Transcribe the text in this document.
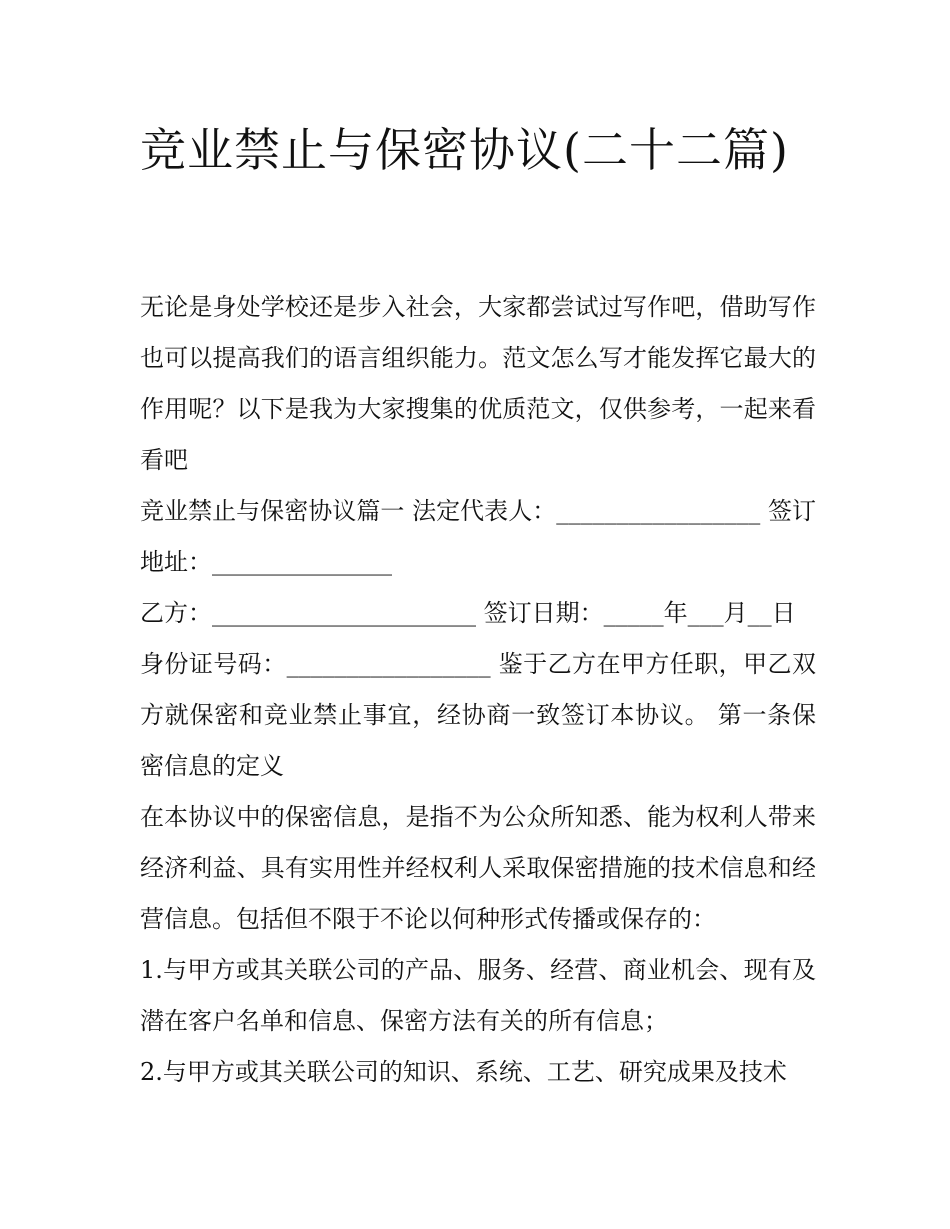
竞业禁止与保密协议(二十二篇)

无论是身处学校还是步入社会，大家都尝试过写作吧，借助写作也可以提高我们的语言组织能力。范文怎么写才能发挥它最大的作用呢？以下是我为大家搜集的优质范文，仅供参考，一起来看看吧

竞业禁止与保密协议篇一 法定代表人：_________________ 签订地址：_______________

乙方：______________________ 签订日期：_____年___月__日

身份证号码：_________________ 鉴于乙方在甲方任职，甲乙双方就保密和竞业禁止事宜，经协商一致签订本协议。 第一条保密信息的定义

在本协议中的保密信息，是指不为公众所知悉、能为权利人带来经济利益、具有实用性并经权利人采取保密措施的技术信息和经营信息。包括但不限于不论以何种形式传播或保存的：

1.与甲方或其关联公司的产品、服务、经营、商业机会、现有及潜在客户名单和信息、保密方法有关的所有信息；

2.与甲方或其关联公司的知识、系统、工艺、研究成果及技术
